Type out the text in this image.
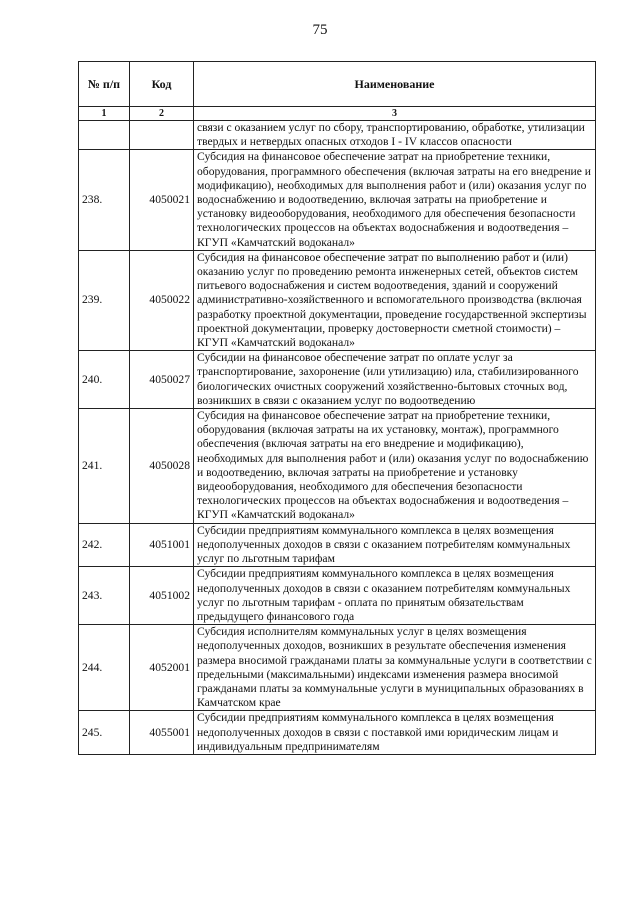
75
№ п/п	Код	Наименование
1	2	3
		связи с оказанием услуг по сбору, транспортированию, обработке, утилизации твердых и нетвердых опасных отходов I - IV классов опасности
238.	4050021	Субсидия на финансовое обеспечение затрат на приобретение техники, оборудования, программного обеспечения (включая затраты на его внедрение и модификацию), необходимых для выполнения работ и (или) оказания услуг по водоснабжению и водоотведению, включая затраты на приобретение и установку видеооборудования, необходимого для обеспечения безопасности технологических процессов на объектах водоснабжения и водоотведения – КГУП «Камчатский водоканал»
239.	4050022	Субсидия на финансовое обеспечение затрат по выполнению работ и (или) оказанию услуг по проведению ремонта инженерных сетей, объектов систем питьевого водоснабжения и систем водоотведения, зданий и сооружений административно-хозяйственного и вспомогательного производства (включая разработку проектной документации, проведение государственной экспертизы проектной документации, проверку достоверности сметной стоимости) – КГУП «Камчатский водоканал»
240.	4050027	Субсидии на финансовое обеспечение затрат по оплате услуг за транспортирование, захоронение (или утилизацию) ила, стабилизированного биологических очистных сооружений хозяйственно-бытовых сточных вод, возникших в связи с оказанием услуг по водоотведению
241.	4050028	Субсидия на финансовое обеспечение затрат на приобретение техники, оборудования (включая затраты на их установку, монтаж), программного обеспечения (включая затраты на его внедрение и модификацию), необходимых для выполнения работ и (или) оказания услуг по водоснабжению и водоотведению, включая затраты на приобретение и установку видеооборудования, необходимого для обеспечения безопасности технологических процессов на объектах водоснабжения и водоотведения – КГУП «Камчатский водоканал»
242.	4051001	Субсидии предприятиям коммунального комплекса в целях возмещения недополученных доходов в связи с оказанием потребителям коммунальных услуг по льготным тарифам
243.	4051002	Субсидии предприятиям коммунального комплекса в целях возмещения недополученных доходов в связи с оказанием потребителям коммунальных услуг по льготным тарифам - оплата по принятым обязательствам предыдущего финансового года
244.	4052001	Субсидия исполнителям коммунальных услуг в целях возмещения недополученных доходов, возникших в результате обеспечения изменения размера вносимой гражданами платы за коммунальные услуги в соответствии с предельными (максимальными) индексами изменения размера вносимой гражданами платы за коммунальные услуги в муниципальных образованиях в Камчатском крае
245.	4055001	Субсидии предприятиям коммунального комплекса в целях возмещения недополученных доходов в связи с поставкой ими юридическим лицам и индивидуальным предпринимателям
